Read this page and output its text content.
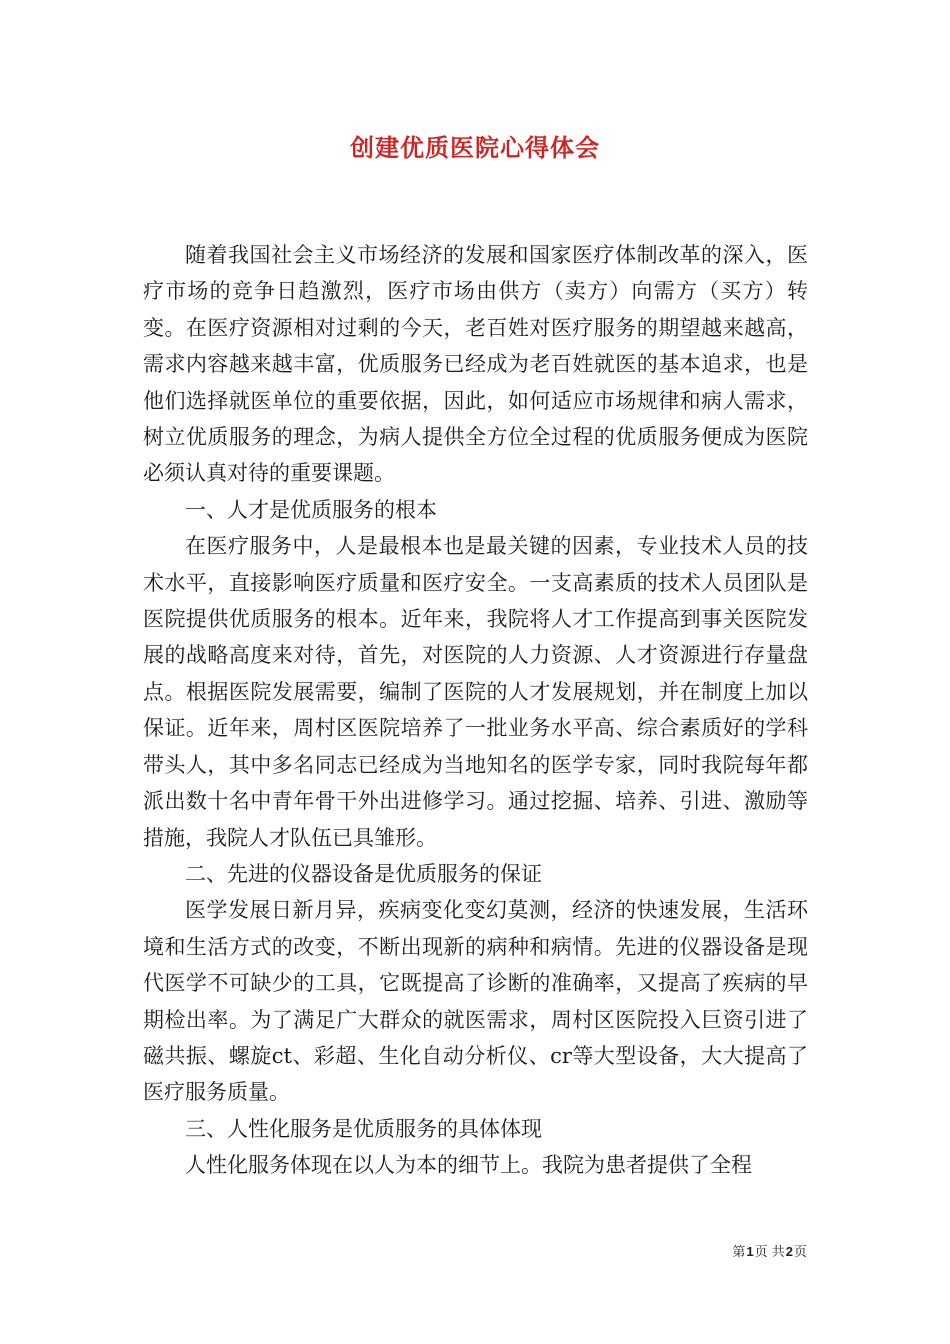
创建优质医院心得体会

随着我国社会主义市场经济的发展和国家医疗体制改革的深入，医疗市场的竞争日趋激烈，医疗市场由供方（卖方）向需方（买方）转变。在医疗资源相对过剩的今天，老百姓对医疗服务的期望越来越高，需求内容越来越丰富，优质服务已经成为老百姓就医的基本追求，也是他们选择就医单位的重要依据，因此，如何适应市场规律和病人需求，树立优质服务的理念，为病人提供全方位全过程的优质服务便成为医院必须认真对待的重要课题。

一、人才是优质服务的根本

在医疗服务中，人是最根本也是最关键的因素，专业技术人员的技术水平，直接影响医疗质量和医疗安全。一支高素质的技术人员团队是医院提供优质服务的根本。近年来，我院将人才工作提高到事关医院发展的战略高度来对待，首先，对医院的人力资源、人才资源进行存量盘点。根据医院发展需要，编制了医院的人才发展规划，并在制度上加以保证。近年来，周村区医院培养了一批业务水平高、综合素质好的学科带头人，其中多名同志已经成为当地知名的医学专家，同时我院每年都派出数十名中青年骨干外出进修学习。通过挖掘、培养、引进、激励等措施，我院人才队伍已具雏形。

二、先进的仪器设备是优质服务的保证

医学发展日新月异，疾病变化变幻莫测，经济的快速发展，生活环境和生活方式的改变，不断出现新的病种和病情。先进的仪器设备是现代医学不可缺少的工具，它既提高了诊断的准确率，又提高了疾病的早期检出率。为了满足广大群众的就医需求，周村区医院投入巨资引进了磁共振、螺旋ct、彩超、生化自动分析仪、cr等大型设备，大大提高了医疗服务质量。

三、人性化服务是优质服务的具体体现

人性化服务体现在以人为本的细节上。我院为患者提供了全程

第1页 共2页
